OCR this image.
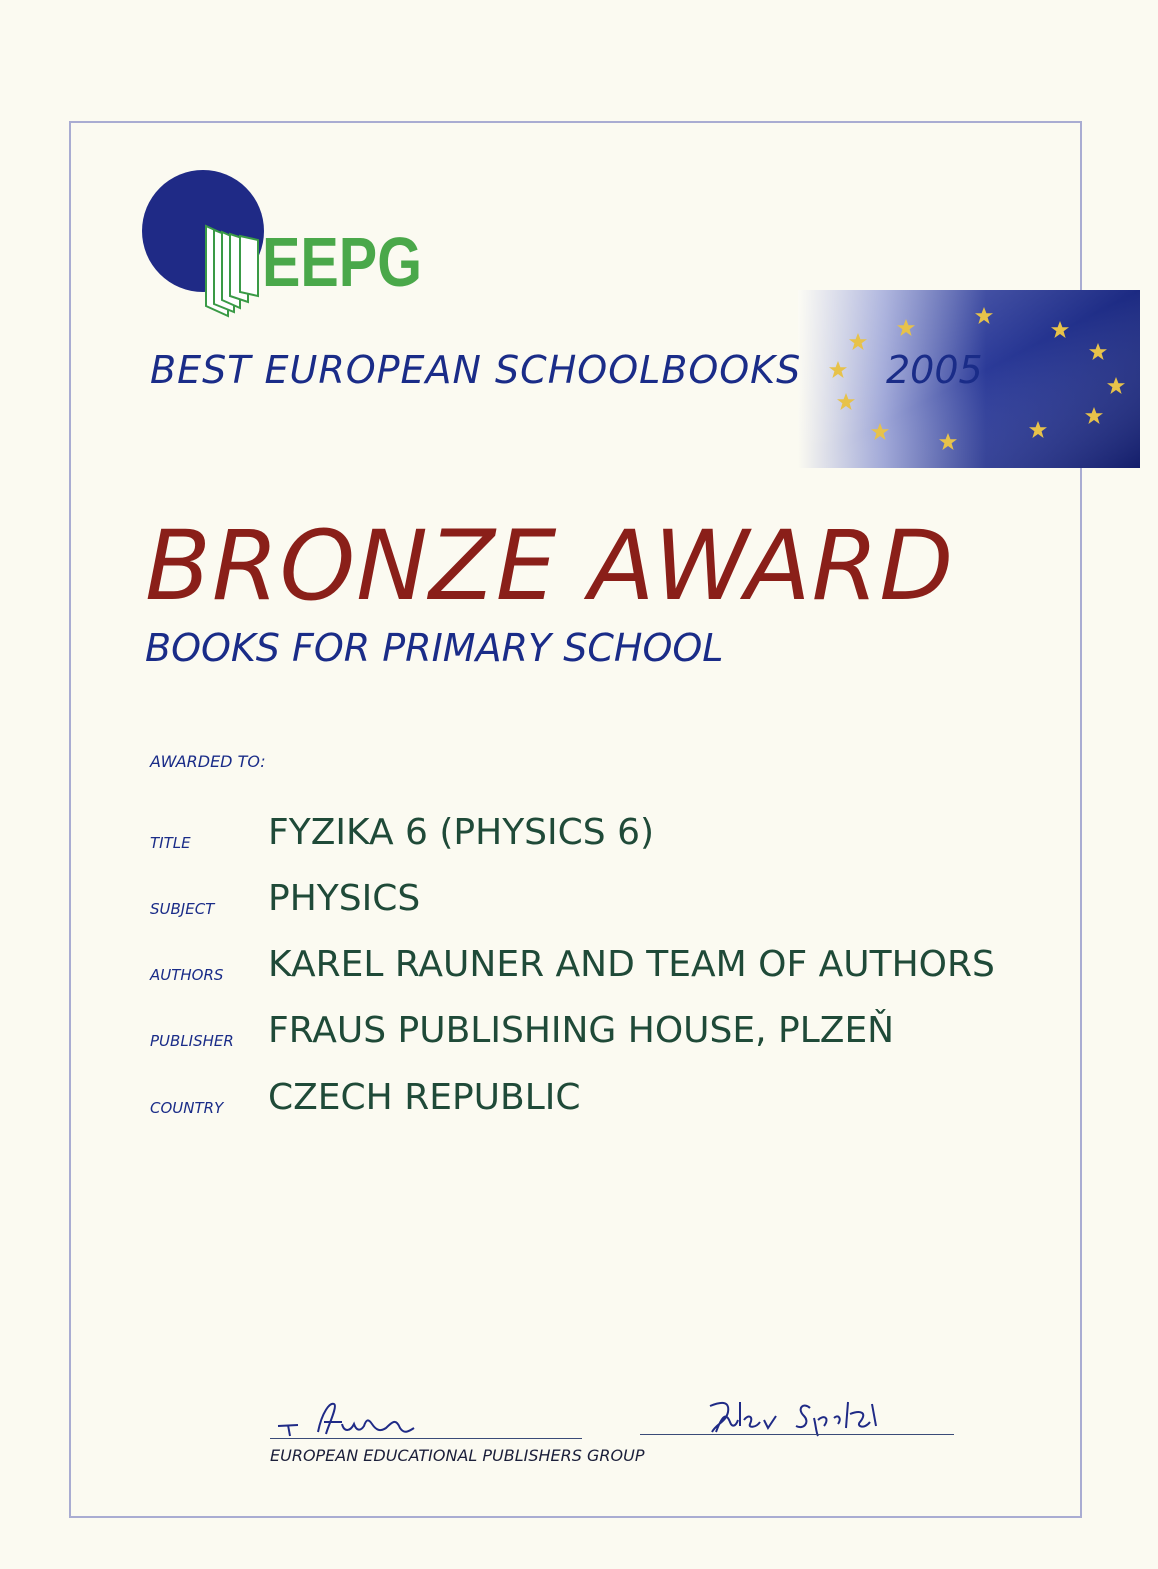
EEPG
BEST EUROPEAN SCHOOLBOOKS 2005
BRONZE AWARD
BOOKS FOR PRIMARY SCHOOL
AWARDED TO:
TITLE FYZIKA 6 (PHYSICS 6)
SUBJECT PHYSICS
AUTHORS KAREL RAUNER AND TEAM OF AUTHORS
PUBLISHER FRAUS PUBLISHING HOUSE, PLZEŇ
COUNTRY CZECH REPUBLIC
EUROPEAN EDUCATIONAL PUBLISHERS GROUP
